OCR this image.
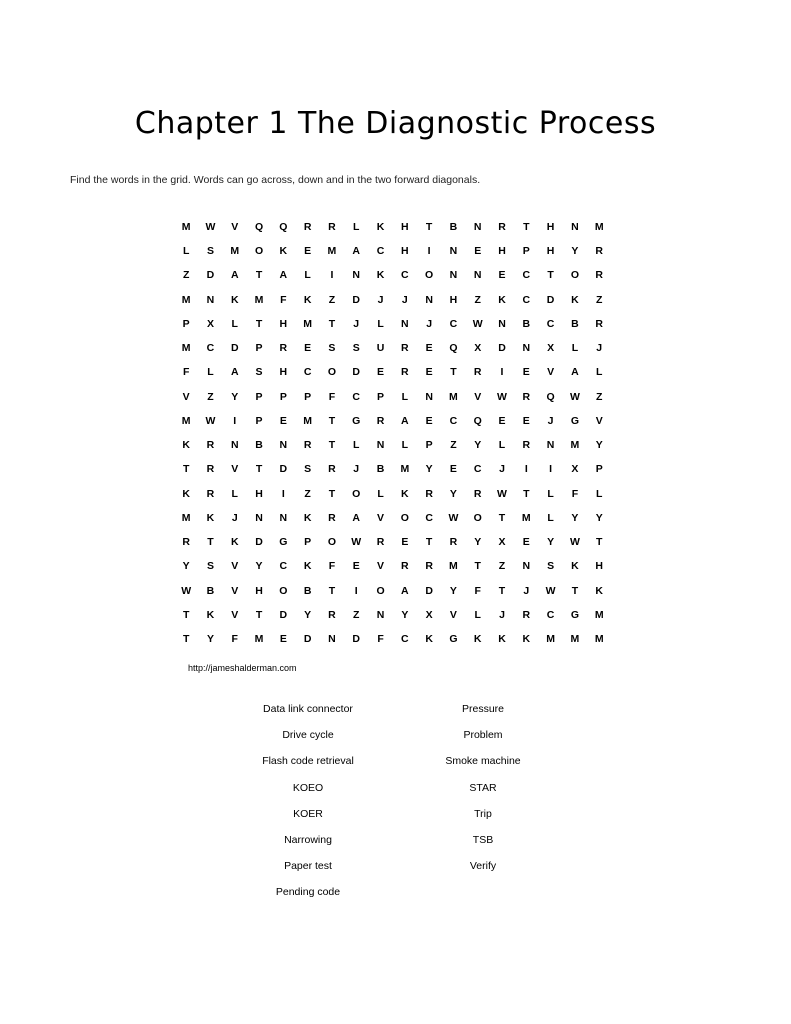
Chapter 1 The Diagnostic Process
Find the words in the grid. Words can go across, down and in the two forward diagonals.
M	W	V	Q	Q	R	R	L	K	H	T	B	N	R	T	H	N	M
L	S	M	O	K	E	M	A	C	H	I	N	E	H	P	H	Y	R
Z	D	A	T	A	L	I	N	K	C	O	N	N	E	C	T	O	R
M	N	K	M	F	K	Z	D	J	J	N	H	Z	K	C	D	K	Z
P	X	L	T	H	M	T	J	L	N	J	C	W	N	B	C	B	R
M	C	D	P	R	E	S	S	U	R	E	Q	X	D	N	X	L	J
F	L	A	S	H	C	O	D	E	R	E	T	R	I	E	V	A	L
V	Z	Y	P	P	P	F	C	P	L	N	M	V	W	R	Q	W	Z
M	W	I	P	E	M	T	G	R	A	E	C	Q	E	E	J	G	V
K	R	N	B	N	R	T	L	N	L	P	Z	Y	L	R	N	M	Y
T	R	V	T	D	S	R	J	B	M	Y	E	C	J	I	I	X	P
K	R	L	H	I	Z	T	O	L	K	R	Y	R	W	T	L	F	L
M	K	J	N	N	K	R	A	V	O	C	W	O	T	M	L	Y	Y
R	T	K	D	G	P	O	W	R	E	T	R	Y	X	E	Y	W	T
Y	S	V	Y	C	K	F	E	V	R	R	M	T	Z	N	S	K	H
W	B	V	H	O	B	T	I	O	A	D	Y	F	T	J	W	T	K
T	K	V	T	D	Y	R	Z	N	Y	X	V	L	J	R	C	G	M
T	Y	F	M	E	D	N	D	F	C	K	G	K	K	K	M	M	M
http://jameshalderman.com
Data link connector
Drive cycle
Flash code retrieval
KOEO
KOER
Narrowing
Paper test
Pending code
Pressure
Problem
Smoke machine
STAR
Trip
TSB
Verify
